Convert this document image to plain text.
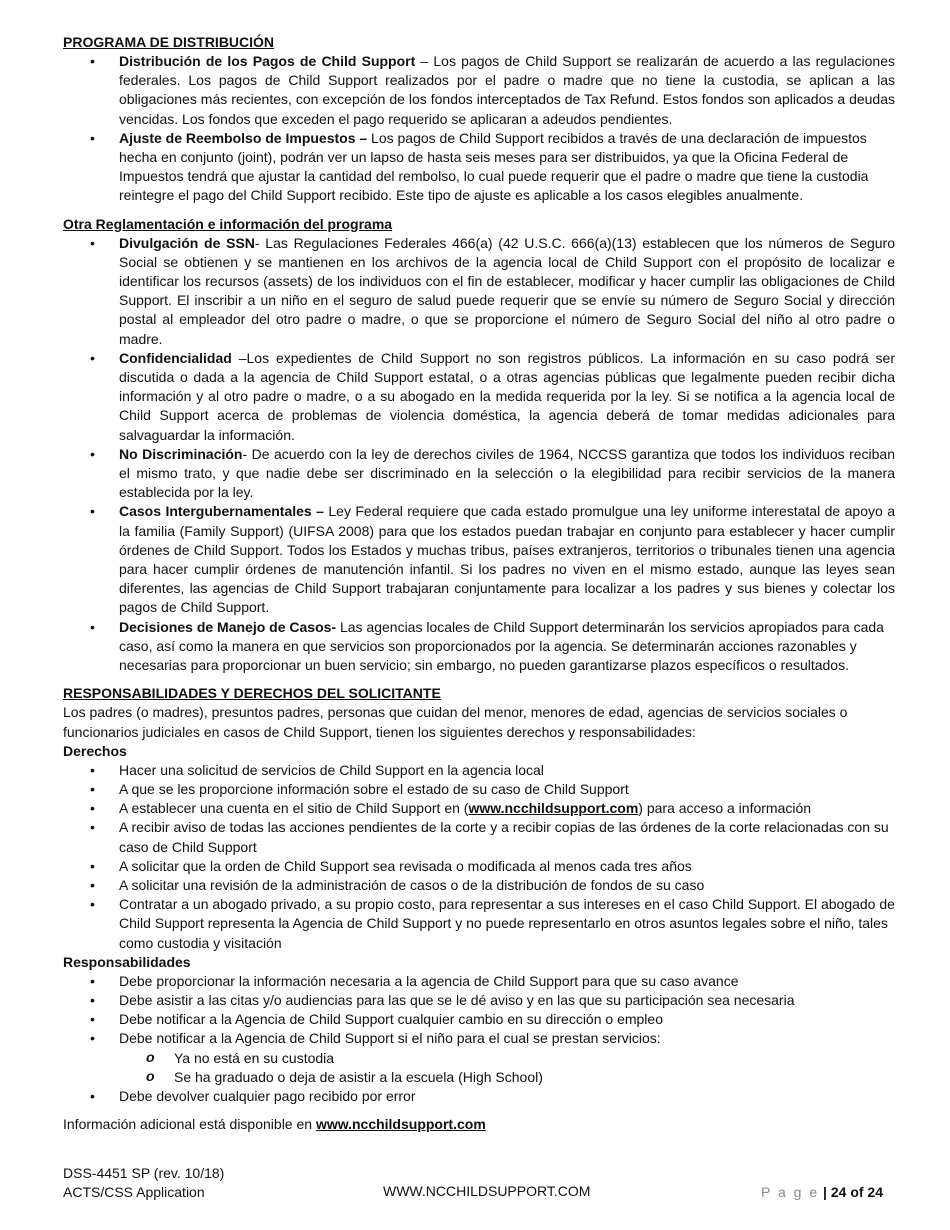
PROGRAMA DE DISTRIBUCIÓN
• Distribución de los Pagos de Child Support – Los pagos de Child Support se realizarán de acuerdo a las regulaciones federales. Los pagos de Child Support realizados por el padre o madre que no tiene la custodia, se aplican a las obligaciones más recientes, con excepción de los fondos interceptados de Tax Refund. Estos fondos son aplicados a deudas vencidas. Los fondos que exceden el pago requerido se aplicaran a adeudos pendientes.
• Ajuste de Reembolso de Impuestos – Los pagos de Child Support recibidos a través de una declaración de impuestos hecha en conjunto (joint), podrán ver un lapso de hasta seis meses para ser distribuidos, ya que la Oficina Federal de Impuestos tendrá que ajustar la cantidad del rembolso, lo cual puede requerir que el padre o madre que tiene la custodia reintegre el pago del Child Support recibido. Este tipo de ajuste es aplicable a los casos elegibles anualmente.
Otra Reglamentación e información del programa
• Divulgación de SSN- Las Regulaciones Federales 466(a) (42 U.S.C. 666(a)(13) establecen que los números de Seguro Social se obtienen y se mantienen en los archivos de la agencia local de Child Support con el propósito de localizar e identificar los recursos (assets) de los individuos con el fin de establecer, modificar y hacer cumplir las obligaciones de Child Support. El inscribir a un niño en el seguro de salud puede requerir que se envíe su número de Seguro Social y dirección postal al empleador del otro padre o madre, o que se proporcione el número de Seguro Social del niño al otro padre o madre.
• Confidencialidad –Los expedientes de Child Support no son registros públicos. La información en su caso podrá ser discutida o dada a la agencia de Child Support estatal, o a otras agencias públicas que legalmente pueden recibir dicha información y al otro padre o madre, o a su abogado en la medida requerida por la ley. Si se notifica a la agencia local de Child Support acerca de problemas de violencia doméstica, la agencia deberá de tomar medidas adicionales para salvaguardar la información.
• No Discriminación- De acuerdo con la ley de derechos civiles de 1964, NCCSS garantiza que todos los individuos reciban el mismo trato, y que nadie debe ser discriminado en la selección o la elegibilidad para recibir servicios de la manera establecida por la ley.
• Casos Intergubernamentales – Ley Federal requiere que cada estado promulgue una ley uniforme interestatal de apoyo a la familia (Family Support) (UIFSA 2008) para que los estados puedan trabajar en conjunto para establecer y hacer cumplir órdenes de Child Support. Todos los Estados y muchas tribus, países extranjeros, territorios o tribunales tienen una agencia para hacer cumplir órdenes de manutención infantil. Si los padres no viven en el mismo estado, aunque las leyes sean diferentes, las agencias de Child Support trabajaran conjuntamente para localizar a los padres y sus bienes y colectar los pagos de Child Support.
• Decisiones de Manejo de Casos- Las agencias locales de Child Support determinarán los servicios apropiados para cada caso, así como la manera en que servicios son proporcionados por la agencia. Se determinarán acciones razonables y necesarias para proporcionar un buen servicio; sin embargo, no pueden garantizarse plazos específicos o resultados.
RESPONSABILIDADES Y DERECHOS DEL SOLICITANTE
Los padres (o madres), presuntos padres, personas que cuidan del menor, menores de edad, agencias de servicios sociales o funcionarios judiciales en casos de Child Support, tienen los siguientes derechos y responsabilidades:
Derechos
• Hacer una solicitud de servicios de Child Support en la agencia local
• A que se les proporcione información sobre el estado de su caso de Child Support
• A establecer una cuenta en el sitio de Child Support en (www.ncchildsupport.com) para acceso a información
• A recibir aviso de todas las acciones pendientes de la corte y a recibir copias de las órdenes de la corte relacionadas con su caso de Child Support
• A solicitar que la orden de Child Support sea revisada o modificada al menos cada tres años
• A solicitar una revisión de la administración de casos o de la distribución de fondos de su caso
• Contratar a un abogado privado, a su propio costo, para representar a sus intereses en el caso Child Support. El abogado de Child Support representa la Agencia de Child Support y no puede representarlo en otros asuntos legales sobre el niño, tales como custodia y visitación
Responsabilidades
• Debe proporcionar la información necesaria a la agencia de Child Support para que su caso avance
• Debe asistir a las citas y/o audiencias para las que se le dé aviso y en las que su participación sea necesaria
• Debe notificar a la Agencia de Child Support cualquier cambio en su dirección o empleo
• Debe notificar a la Agencia de Child Support si el niño para el cual se prestan servicios:
o Ya no está en su custodia
o Se ha graduado o deja de asistir a la escuela (High School)
• Debe devolver cualquier pago recibido por error
Información adicional está disponible en www.ncchildsupport.com
DSS-4451 SP (rev. 10/18)
ACTS/CSS Application	P a g e | 24 of 24
WWW.NCCHILDSUPPORT.COM
